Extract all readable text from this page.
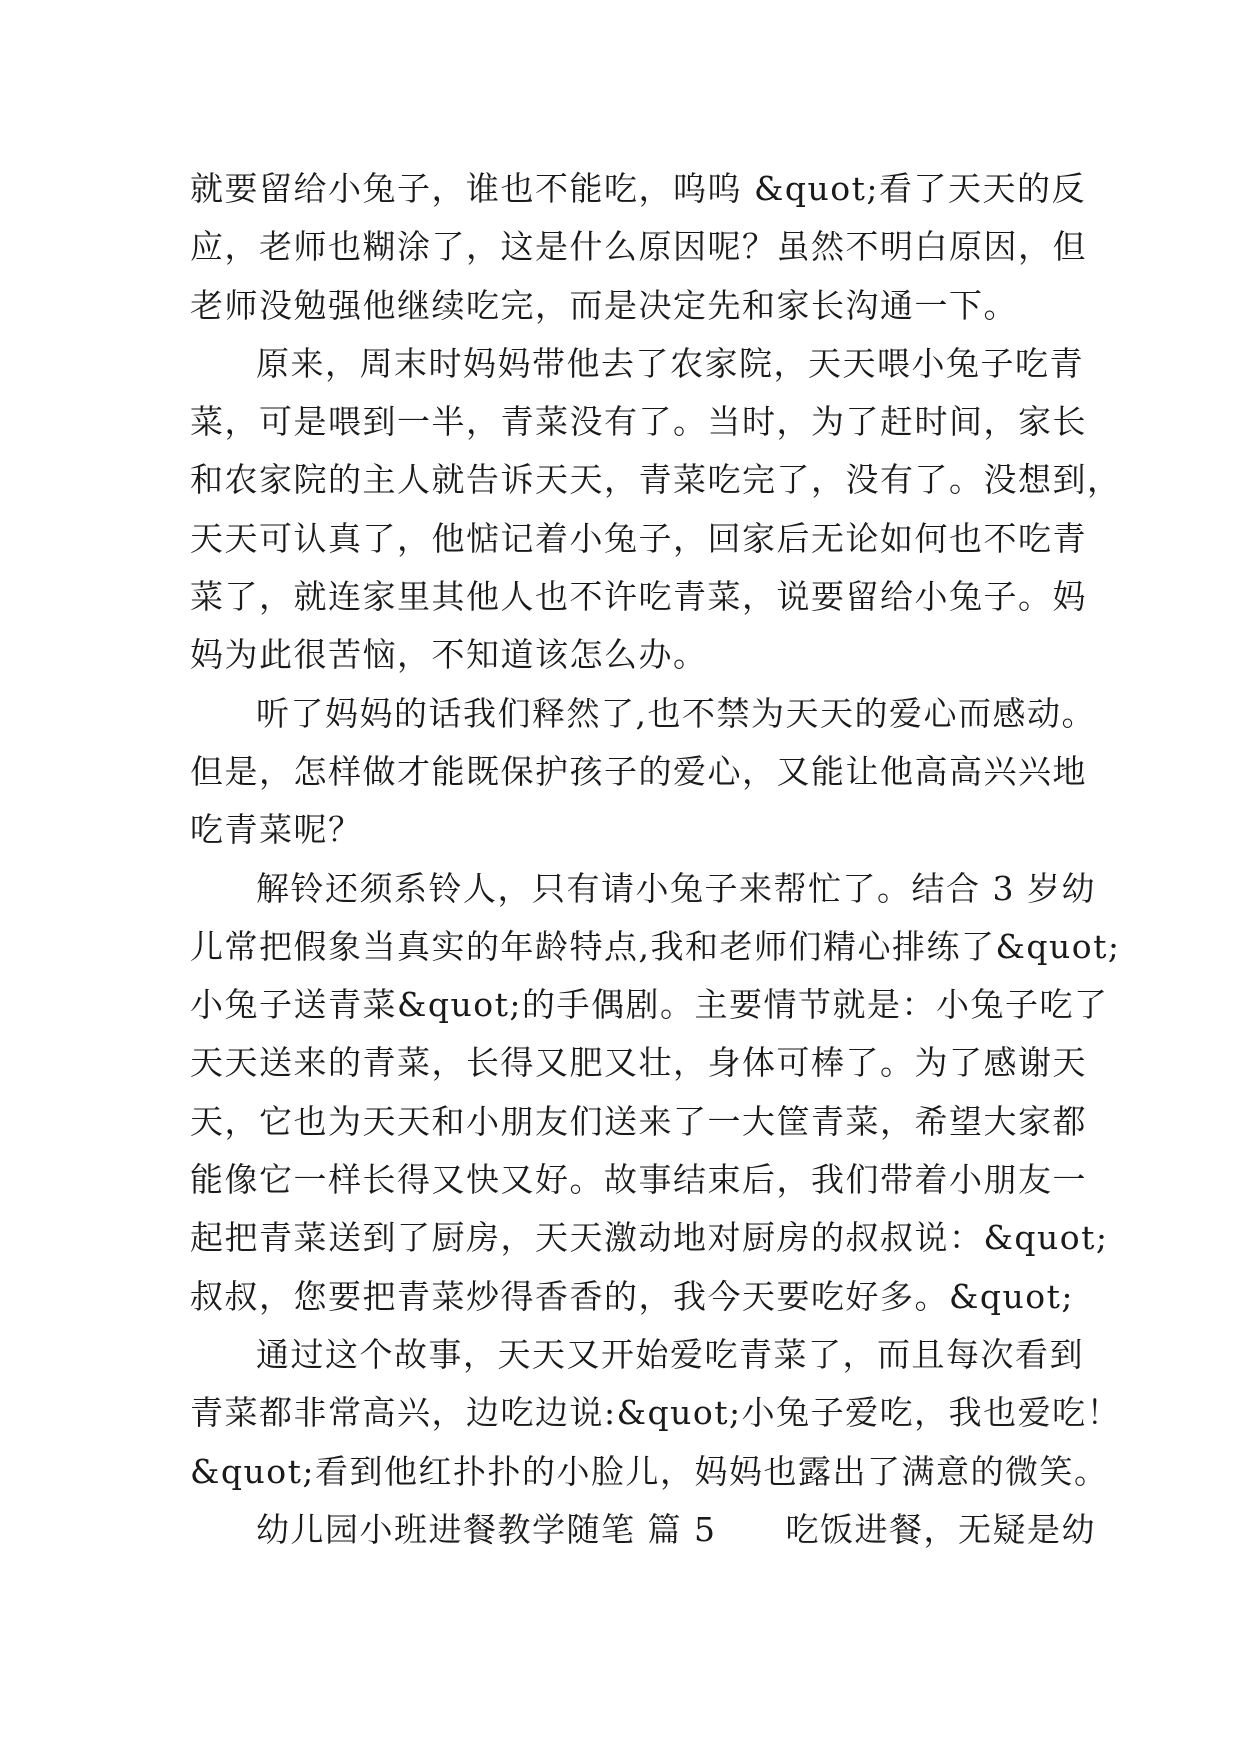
就要留给小兔子，谁也不能吃，呜呜 &quot;看了天天的反
应，老师也糊涂了，这是什么原因呢？虽然不明白原因，但
老师没勉强他继续吃完，而是决定先和家长沟通一下。
原来，周末时妈妈带他去了农家院，天天喂小兔子吃青
菜，可是喂到一半，青菜没有了。当时，为了赶时间，家长
和农家院的主人就告诉天天，青菜吃完了，没有了。没想到，
天天可认真了，他惦记着小兔子，回家后无论如何也不吃青
菜了，就连家里其他人也不许吃青菜，说要留给小兔子。妈
妈为此很苦恼，不知道该怎么办。
听了妈妈的话我们释然了,也不禁为天天的爱心而感动。
但是，怎样做才能既保护孩子的爱心，又能让他高高兴兴地
吃青菜呢？
解铃还须系铃人，只有请小兔子来帮忙了。结合 3 岁幼
儿常把假象当真实的年龄特点,我和老师们精心排练了&quot;
小兔子送青菜&quot;的手偶剧。主要情节就是：小兔子吃了
天天送来的青菜，长得又肥又壮，身体可棒了。为了感谢天
天，它也为天天和小朋友们送来了一大筐青菜，希望大家都
能像它一样长得又快又好。故事结束后，我们带着小朋友一
起把青菜送到了厨房，天天激动地对厨房的叔叔说：&quot;
叔叔，您要把青菜炒得香香的，我今天要吃好多。&quot;
通过这个故事，天天又开始爱吃青菜了，而且每次看到
青菜都非常高兴，边吃边说:&quot;小兔子爱吃，我也爱吃！
&quot;看到他红扑扑的小脸儿，妈妈也露出了满意的微笑。
幼儿园小班进餐教学随笔 篇 5　　吃饭进餐，无疑是幼
